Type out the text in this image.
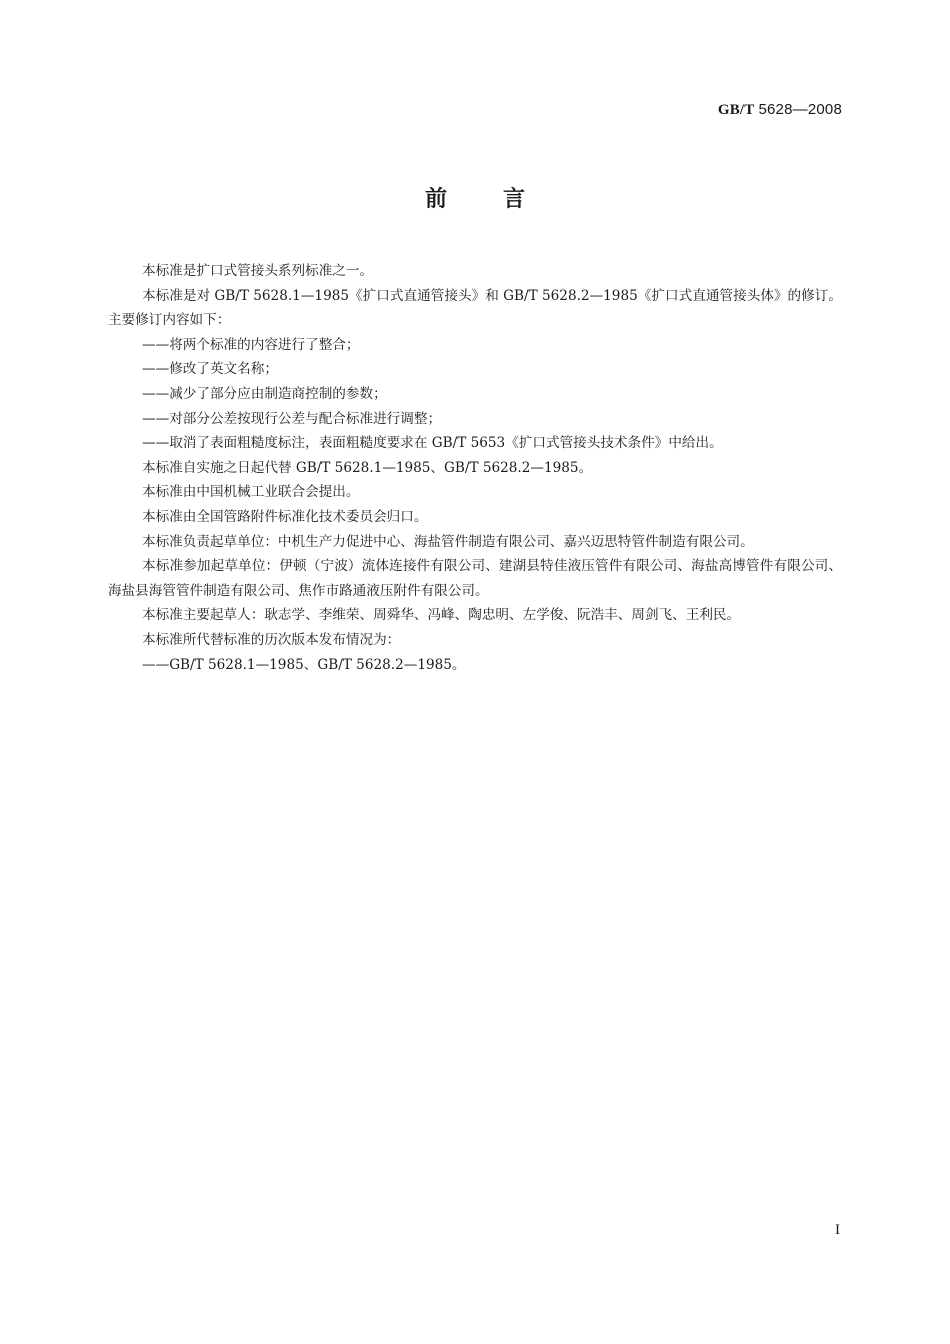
GB/T 5628—2008
前	言

本标准是扩口式管接头系列标准之一。

本标准是对 GB/T 5628.1—1985《扩口式直通管接头》和 GB/T 5628.2—1985《扩口式直通管接头体》的修订。主要修订内容如下：

——将两个标准的内容进行了整合；

——修改了英文名称；

——减少了部分应由制造商控制的参数；

——对部分公差按现行公差与配合标准进行调整；

——取消了表面粗糙度标注，表面粗糙度要求在 GB/T 5653《扩口式管接头技术条件》中给出。

本标准自实施之日起代替 GB/T 5628.1—1985、GB/T 5628.2—1985。

本标准由中国机械工业联合会提出。

本标准由全国管路附件标准化技术委员会归口。

本标准负责起草单位：中机生产力促进中心、海盐管件制造有限公司、嘉兴迈思特管件制造有限公司。

本标准参加起草单位：伊顿（宁波）流体连接件有限公司、建湖县特佳液压管件有限公司、海盐高博管件有限公司、海盐县海管管件制造有限公司、焦作市路通液压附件有限公司。

本标准主要起草人：耿志学、李维荣、周舜华、冯峰、陶忠明、左学俊、阮浩丰、周剑飞、王利民。

本标准所代替标准的历次版本发布情况为：

——GB/T 5628.1—1985、GB/T 5628.2—1985。

I
